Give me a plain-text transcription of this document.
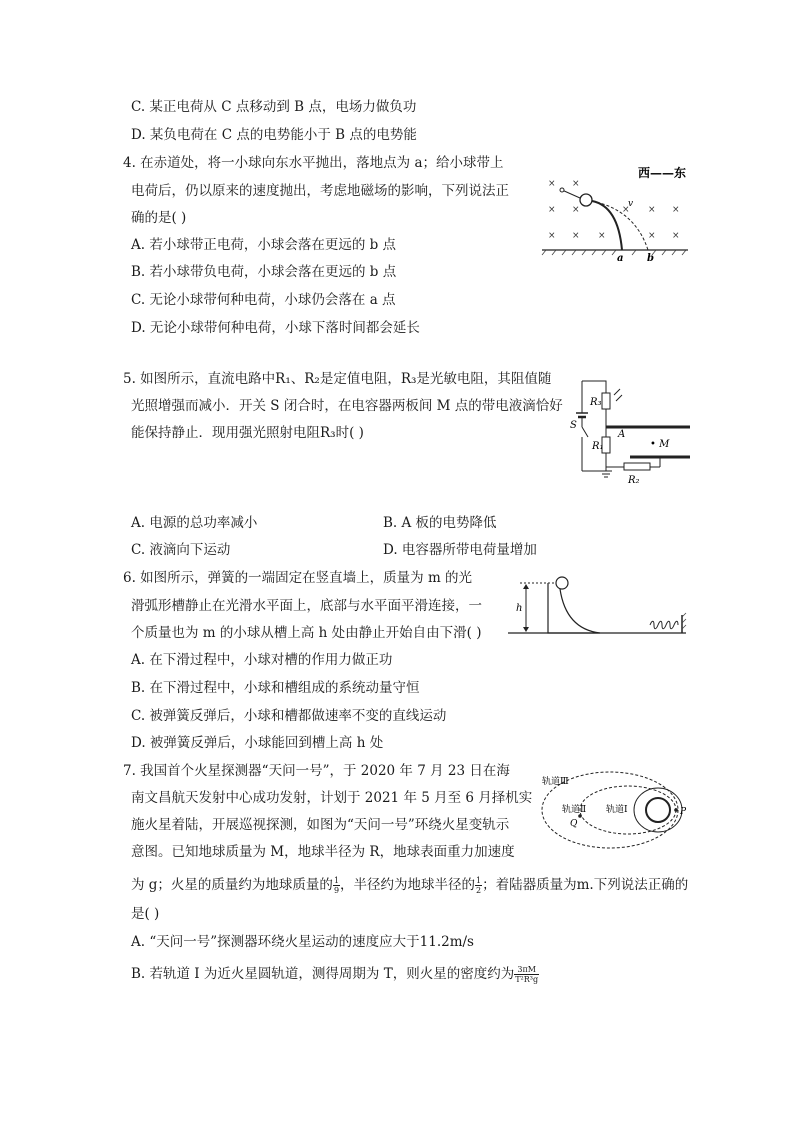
C. 某正电荷从 C 点移动到 B 点，电场力做负功
D. 某负电荷在 C 点的电势能小于 B 点的电势能
4. 在赤道处，将一小球向东水平抛出，落地点为 a；给小球带上
电荷后，仍以原来的速度抛出，考虑地磁场的影响，下列说法正
确的是( )
A. 若小球带正电荷，小球会落在更远的 b 点
B. 若小球带负电荷，小球会落在更远的 b 点
C. 无论小球带何种电荷，小球仍会落在 a 点
D. 无论小球带何种电荷，小球下落时间都会延长
西——东
× ×
× ×	× × ×
× × ×	× ×
v
a b
5. 如图所示，直流电路中R₁、R₂是定值电阻，R₃是光敏电阻，其阻值随
光照增强而减小．开关 S 闭合时，在电容器两板间 M 点的带电液滴恰好
能保持静止．现用强光照射电阻R₃时( )
R₃
A
R₁	• M
R₂
S
A. 电源的总功率减小	B. A 板的电势降低
C. 液滴向下运动	D. 电容器所带电荷量增加
6. 如图所示，弹簧的一端固定在竖直墙上，质量为 m 的光
滑弧形槽静止在光滑水平面上，底部与水平面平滑连接，一
个质量也为 m 的小球从槽上高 h 处由静止开始自由下滑( )
A. 在下滑过程中，小球对槽的作用力做正功
B. 在下滑过程中，小球和槽组成的系统动量守恒
C. 被弹簧反弹后，小球和槽都做速率不变的直线运动
D. 被弹簧反弹后，小球能回到槽上高 h 处
h
7. 我国首个火星探测器“天问一号”，于 2020 年 7 月 23 日在海
南文昌航天发射中心成功发射，计划于 2021 年 5 月至 6 月择机实
施火星着陆，开展巡视探测，如图为“天问一号”环绕火星变轨示
意图。已知地球质量为 M，地球半径为 R，地球表面重力加速度
为 g；火星的质量约为地球质量的 $\frac{1}{9}$ ，半径约为地球半径的 $\frac{1}{2}$ ；着陆器质量为m.下列说法正确的
是( )
A. “天问一号”探测器环绕火星运动的速度应大于11.2m/s
B. 若轨道 I 为近火星圆轨道，测得周期为 T，则火星的密度约为 $\frac{3\pi M}{\text{T²R³g}}$
轨道Ⅲ
轨道Ⅱ 轨道Ⅰ
Q
P
